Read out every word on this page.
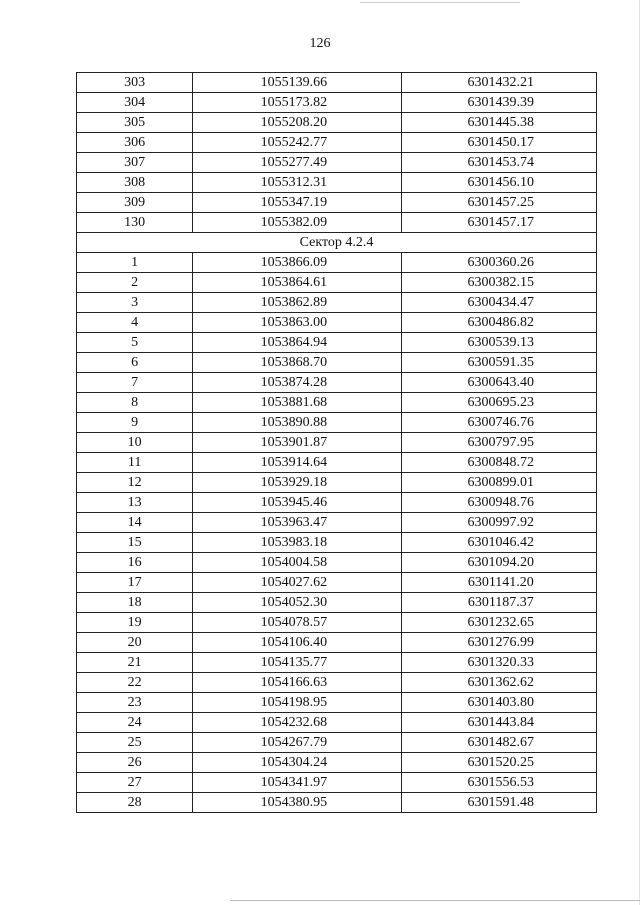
126
303	1055139.66	6301432.21
304	1055173.82	6301439.39
305	1055208.20	6301445.38
306	1055242.77	6301450.17
307	1055277.49	6301453.74
308	1055312.31	6301456.10
309	1055347.19	6301457.25
130	1055382.09	6301457.17
Сектор 4.2.4		
1	1053866.09	6300360.26
2	1053864.61	6300382.15
3	1053862.89	6300434.47
4	1053863.00	6300486.82
5	1053864.94	6300539.13
6	1053868.70	6300591.35
7	1053874.28	6300643.40
8	1053881.68	6300695.23
9	1053890.88	6300746.76
10	1053901.87	6300797.95
11	1053914.64	6300848.72
12	1053929.18	6300899.01
13	1053945.46	6300948.76
14	1053963.47	6300997.92
15	1053983.18	6301046.42
16	1054004.58	6301094.20
17	1054027.62	6301141.20
18	1054052.30	6301187.37
19	1054078.57	6301232.65
20	1054106.40	6301276.99
21	1054135.77	6301320.33
22	1054166.63	6301362.62
23	1054198.95	6301403.80
24	1054232.68	6301443.84
25	1054267.79	6301482.67
26	1054304.24	6301520.25
27	1054341.97	6301556.53
28	1054380.95	6301591.48
